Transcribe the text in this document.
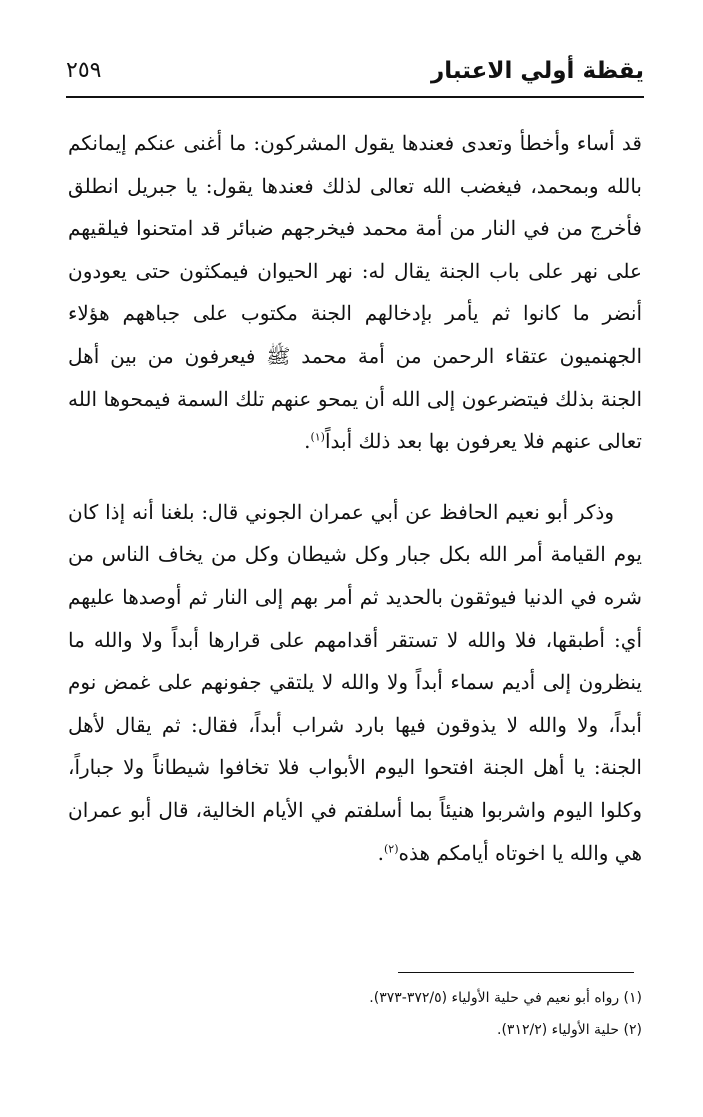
يقظة أولي الاعتبار
٢٥٩

قد أساء وأخطأ وتعدى فعندها يقول المشركون: ما أغنى عنكم إيمانكم بالله وبمحمد، فيغضب الله تعالى لذلك فعندها يقول: يا جبريل انطلق فأخرج من في النار من أمة محمد فيخرجهم ضبائر قد امتحنوا فيلقيهم على نهر على باب الجنة يقال له: نهر الحيوان فيمكثون حتى يعودون أنضر ما كانوا ثم يأمر بإدخالهم الجنة مكتوب على جباههم هؤلاء الجهنميون عتقاء الرحمن من أمة محمد ﷺ فيعرفون من بين أهل الجنة بذلك فيتضرعون إلى الله أن يمحو عنهم تلك السمة فيمحوها الله تعالى عنهم فلا يعرفون بها بعد ذلك أبداً$^{(١)}$.

وذكر أبو نعيم الحافظ عن أبي عمران الجوني قال: بلغنا أنه إذا كان يوم القيامة أمر الله بكل جبار وكل شيطان وكل من يخاف الناس من شره في الدنيا فيوثقون بالحديد ثم أمر بهم إلى النار ثم أوصدها عليهم أي: أطبقها، فلا والله لا تستقر أقدامهم على قرارها أبداً ولا والله ما ينظرون إلى أديم سماء أبداً ولا والله لا يلتقي جفونهم على غمض نوم أبداً، ولا والله لا يذوقون فيها بارد شراب أبداً، فقال: ثم يقال لأهل الجنة: يا أهل الجنة افتحوا اليوم الأبواب فلا تخافوا شيطاناً ولا جباراً، وكلوا اليوم واشربوا هنيئاً بما أسلفتم في الأيام الخالية، قال أبو عمران هي والله يا اخوتاه أيامكم هذه$^{(٢)}$.

(١) رواه أبو نعيم في حلية الأولياء (٣٧٢/٥-٣٧٣).
(٢) حلية الأولياء (٣١٢/٢).
